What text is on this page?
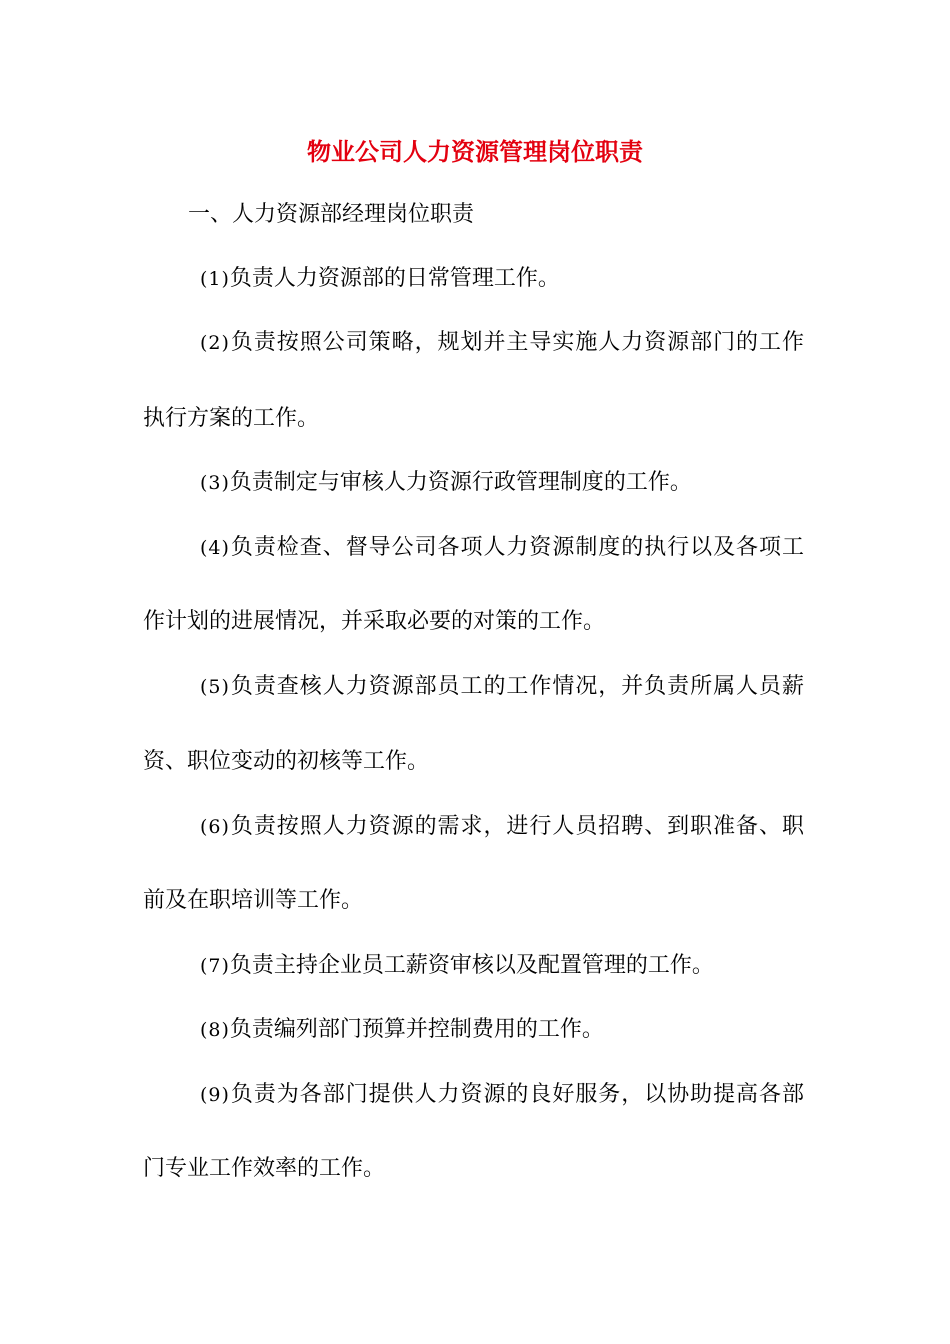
物业公司人力资源管理岗位职责
一、人力资源部经理岗位职责
(1)负责人力资源部的日常管理工作。
(2)负责按照公司策略，规划并主导实施人力资源部门的工作
执行方案的工作。
(3)负责制定与审核人力资源行政管理制度的工作。
(4)负责检查、督导公司各项人力资源制度的执行以及各项工
作计划的进展情况，并采取必要的对策的工作。
(5)负责查核人力资源部员工的工作情况，并负责所属人员薪
资、职位变动的初核等工作。
(6)负责按照人力资源的需求，进行人员招聘、到职准备、职
前及在职培训等工作。
(7)负责主持企业员工薪资审核以及配置管理的工作。
(8)负责编列部门预算并控制费用的工作。
(9)负责为各部门提供人力资源的良好服务，以协助提高各部
门专业工作效率的工作。
